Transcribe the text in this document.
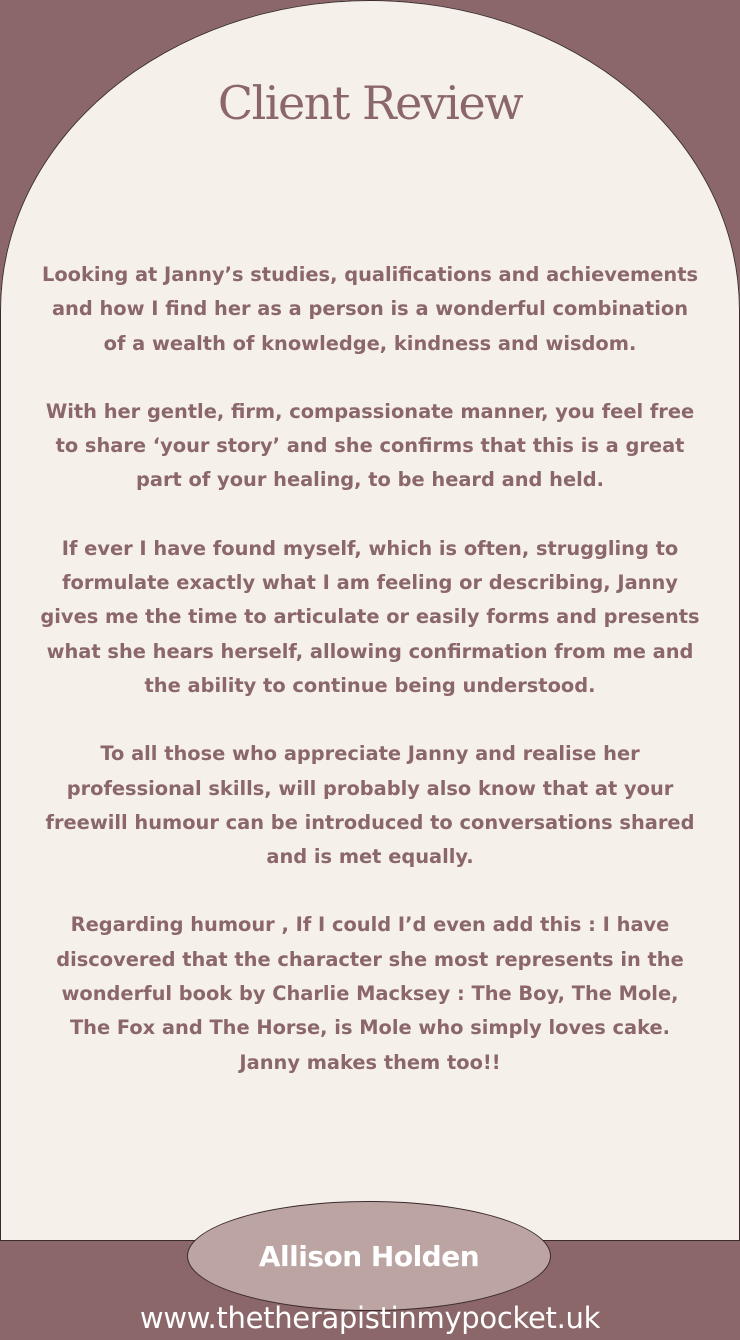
Client Review

Looking at Janny’s studies, qualifications and achievements and how I find her as a person is a wonderful combination of a wealth of knowledge, kindness and wisdom.

With her gentle, firm, compassionate manner, you feel free to share ‘your story’ and she confirms that this is a great part of your healing, to be heard and held.

If ever I have found myself, which is often, struggling to formulate exactly what I am feeling or describing, Janny gives me the time to articulate or easily forms and presents what she hears herself, allowing confirmation from me and the ability to continue being understood.

To all those who appreciate Janny and realise her professional skills, will probably also know that at your freewill humour can be introduced to conversations shared and is met equally.

Regarding humour , If I could I’d even add this : I have discovered that the character she most represents in the wonderful book by Charlie Macksey : The Boy, The Mole, The Fox and The Horse, is Mole who simply loves cake. Janny makes them too!!

Allison Holden
www.thetherapistinmypocket.uk
